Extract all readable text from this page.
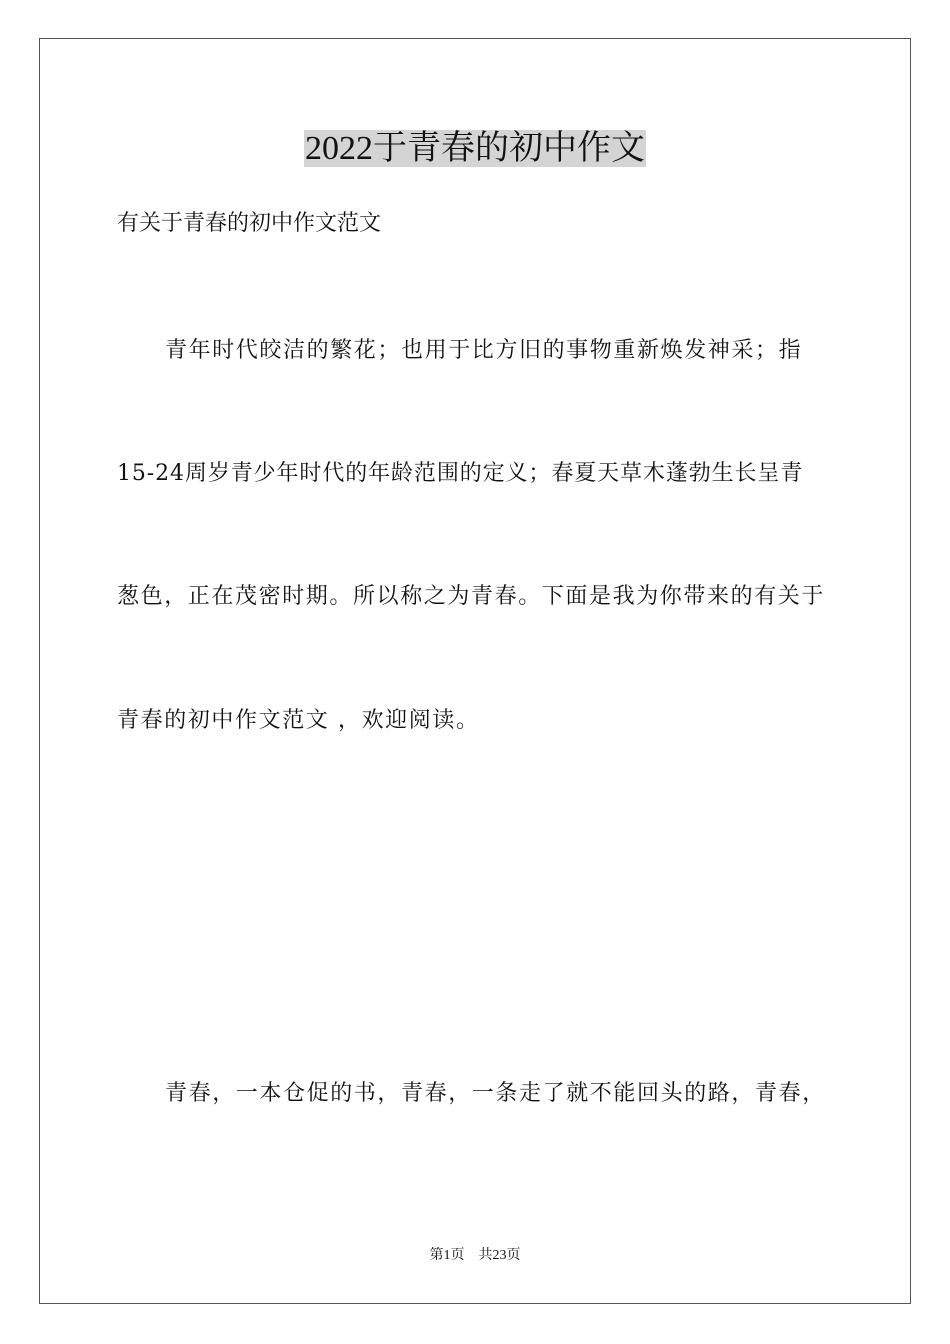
2022于青春的初中作文
有关于青春的初中作文范文
青年时代皎洁的繁花；也用于比方旧的事物重新焕发神采；指
15-24周岁青少年时代的年龄范围的定义；春夏天草木蓬勃生长呈青
葱色，正在茂密时期。所以称之为青春。下面是我为你带来的有关于
青春的初中作文范文 ，欢迎阅读。
青春，一本仓促的书，青春，一条走了就不能回头的路，青春，
第1页 共23页
